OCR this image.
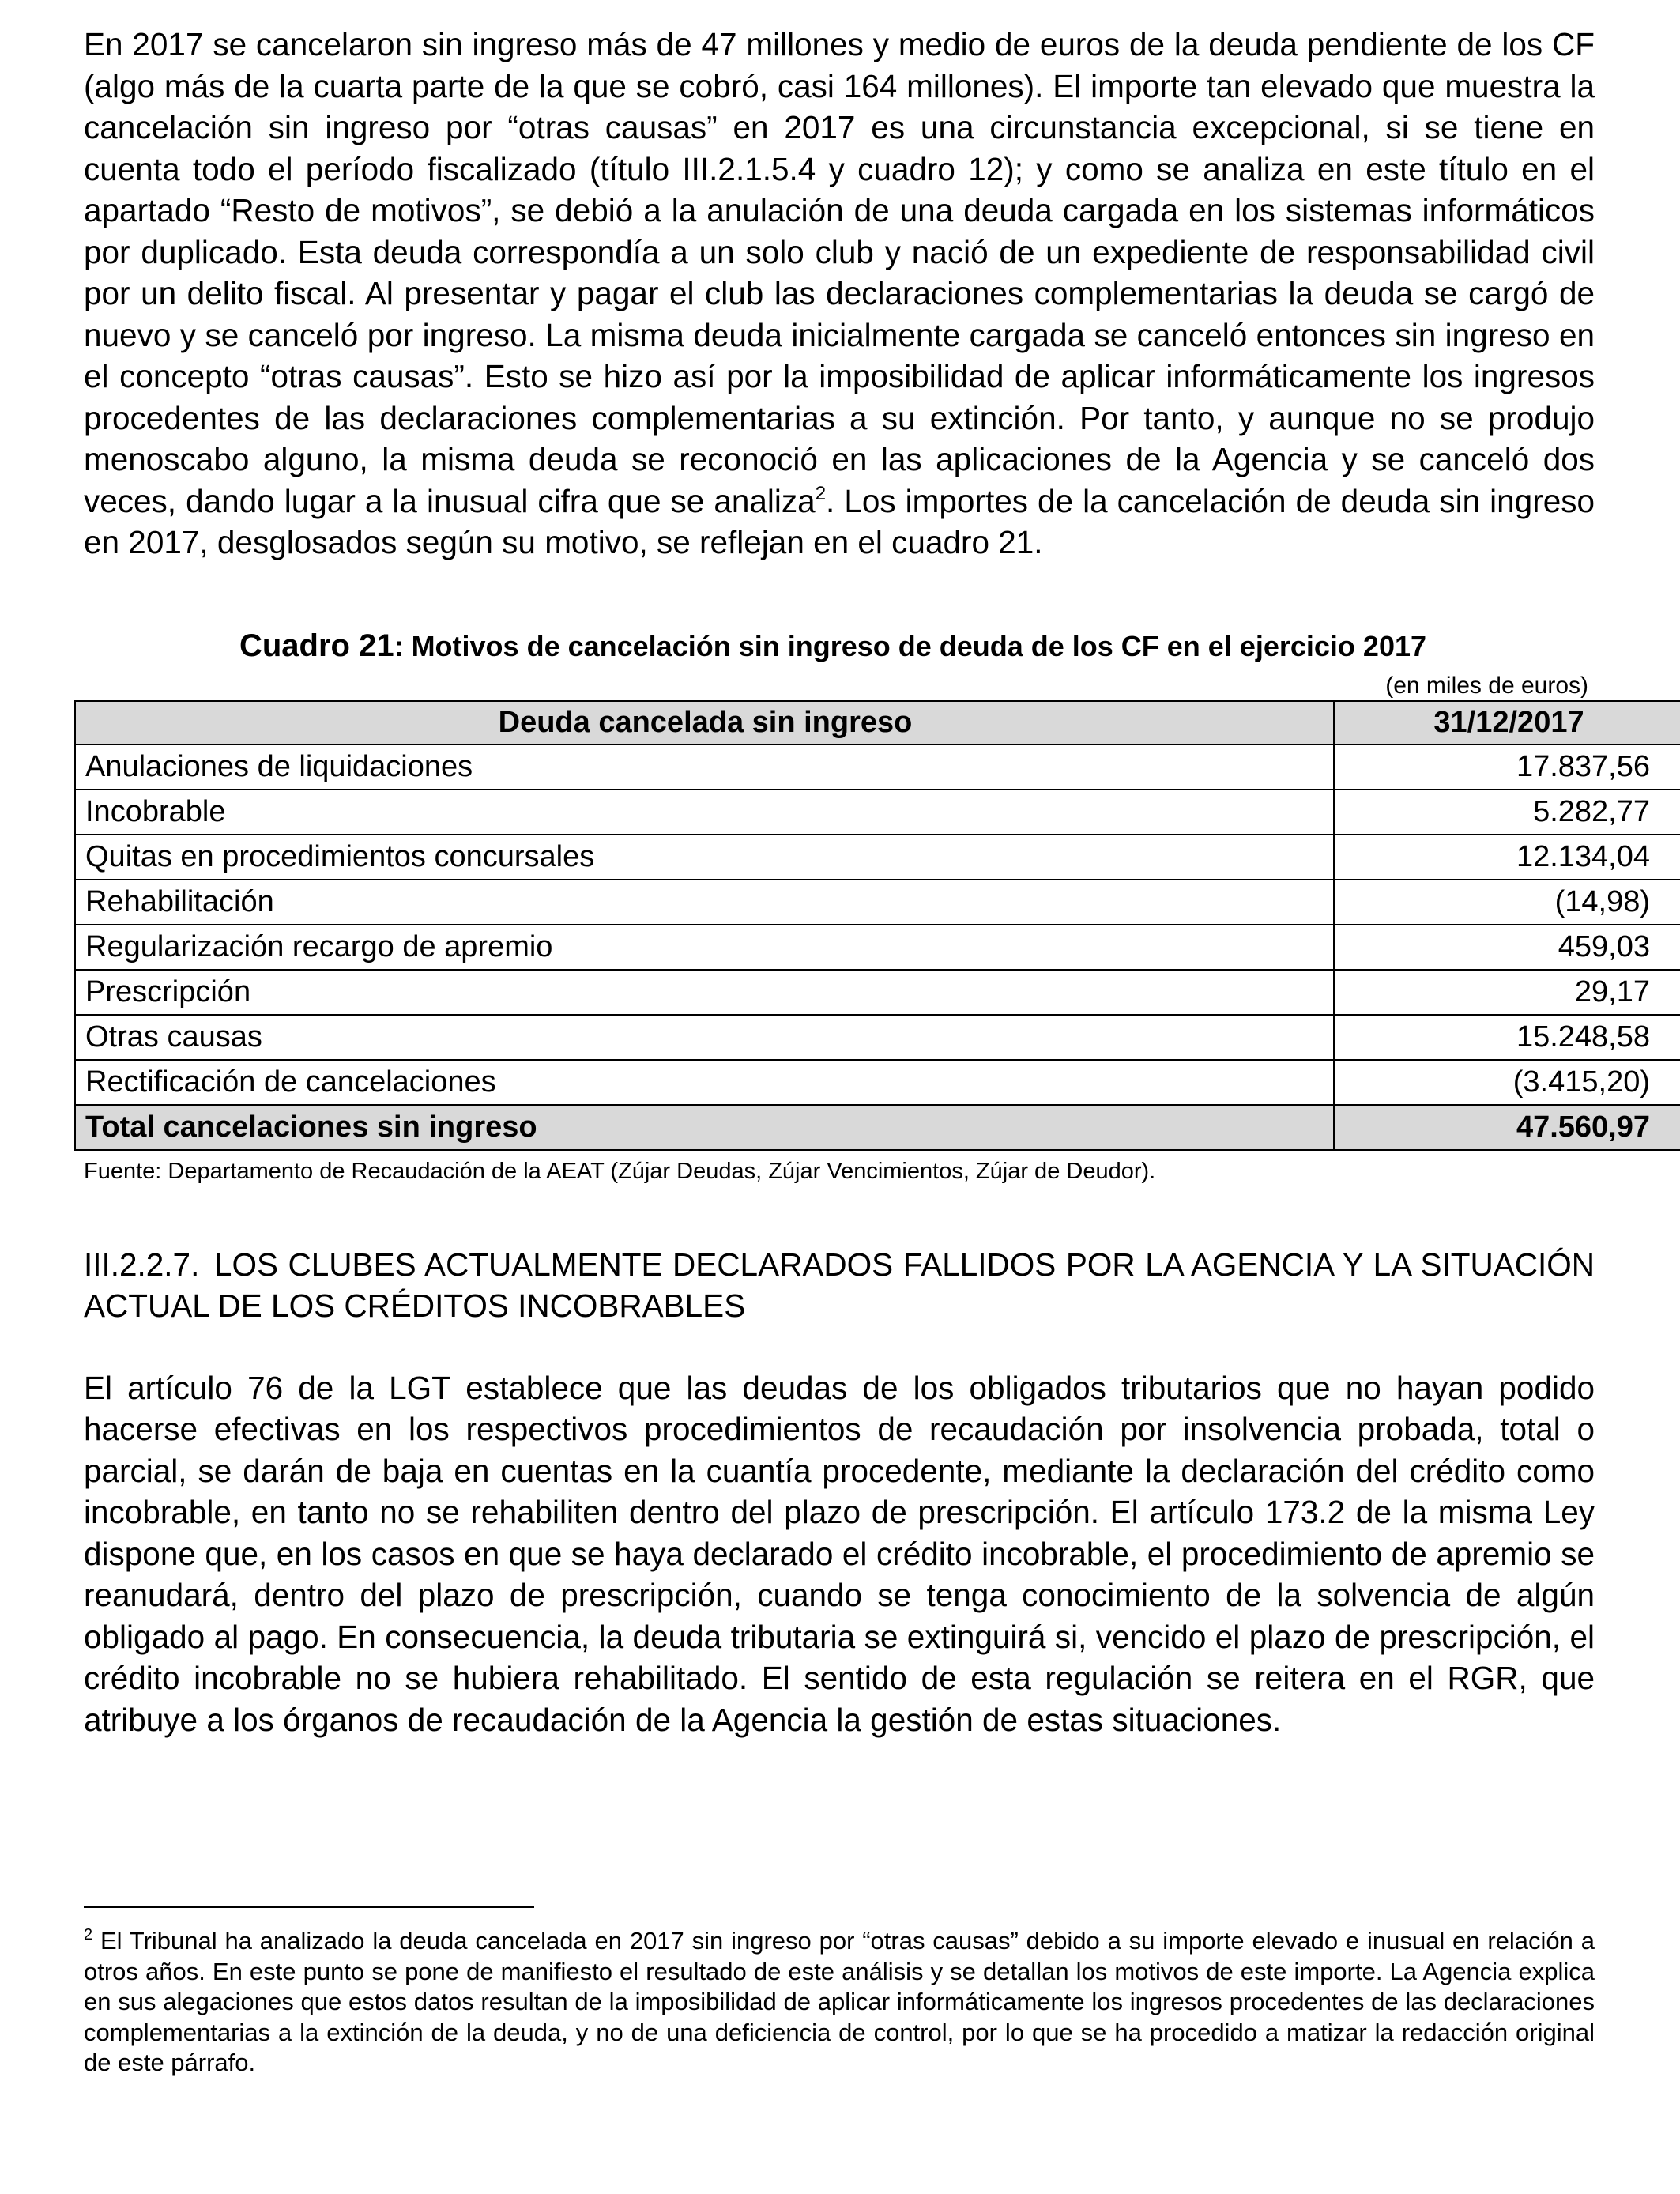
En 2017 se cancelaron sin ingreso más de 47 millones y medio de euros de la deuda pendiente de los CF (algo más de la cuarta parte de la que se cobró, casi 164 millones). El importe tan elevado que muestra la cancelación sin ingreso por “otras causas” en 2017 es una circunstancia excepcional, si se tiene en cuenta todo el período fiscalizado (título III.2.1.5.4 y cuadro 12); y como se analiza en este título en el apartado “Resto de motivos”, se debió a la anulación de una deuda cargada en los sistemas informáticos por duplicado. Esta deuda correspondía a un solo club y nació de un expediente de responsabilidad civil por un delito fiscal. Al presentar y pagar el club las declaraciones complementarias la deuda se cargó de nuevo y se canceló por ingreso. La misma deuda inicialmente cargada se canceló entonces sin ingreso en el concepto “otras causas”. Esto se hizo así por la imposibilidad de aplicar informáticamente los ingresos procedentes de las declaraciones complementarias a su extinción. Por tanto, y aunque no se produjo menoscabo alguno, la misma deuda se reconoció en las aplicaciones de la Agencia y se canceló dos veces, dando lugar a la inusual cifra que se analiza$^2$. Los importes de la cancelación de deuda sin ingreso en 2017, desglosados según su motivo, se reflejan en el cuadro 21.

Cuadro 21: Motivos de cancelación sin ingreso de deuda de los CF en el ejercicio 2017
(en miles de euros)
Deuda cancelada sin ingreso	31/12/2017
Anulaciones de liquidaciones	17.837,56
Incobrable	5.282,77
Quitas en procedimientos concursales	12.134,04
Rehabilitación	(14,98)
Regularización recargo de apremio	459,03
Prescripción	29,17
Otras causas	15.248,58
Rectificación de cancelaciones	(3.415,20)
Total cancelaciones sin ingreso	47.560,97
Fuente: Departamento de Recaudación de la AEAT (Zújar Deudas, Zújar Vencimientos, Zújar de Deudor).
III.2.2.7. LOS CLUBES ACTUALMENTE DECLARADOS FALLIDOS POR LA AGENCIA Y LA SITUACIÓN ACTUAL DE LOS CRÉDITOS INCOBRABLES

El artículo 76 de la LGT establece que las deudas de los obligados tributarios que no hayan podido hacerse efectivas en los respectivos procedimientos de recaudación por insolvencia probada, total o parcial, se darán de baja en cuentas en la cuantía procedente, mediante la declaración del crédito como incobrable, en tanto no se rehabiliten dentro del plazo de prescripción. El artículo 173.2 de la misma Ley dispone que, en los casos en que se haya declarado el crédito incobrable, el procedimiento de apremio se reanudará, dentro del plazo de prescripción, cuando se tenga conocimiento de la solvencia de algún obligado al pago. En consecuencia, la deuda tributaria se extinguirá si, vencido el plazo de prescripción, el crédito incobrable no se hubiera rehabilitado. El sentido de esta regulación se reitera en el RGR, que atribuye a los órganos de recaudación de la Agencia la gestión de estas situaciones.

$^2$ El Tribunal ha analizado la deuda cancelada en 2017 sin ingreso por “otras causas” debido a su importe elevado e inusual en relación a otros años. En este punto se pone de manifiesto el resultado de este análisis y se detallan los motivos de este importe. La Agencia explica en sus alegaciones que estos datos resultan de la imposibilidad de aplicar informáticamente los ingresos procedentes de las declaraciones complementarias a la extinción de la deuda, y no de una deficiencia de control, por lo que se ha procedido a matizar la redacción original de este párrafo.
